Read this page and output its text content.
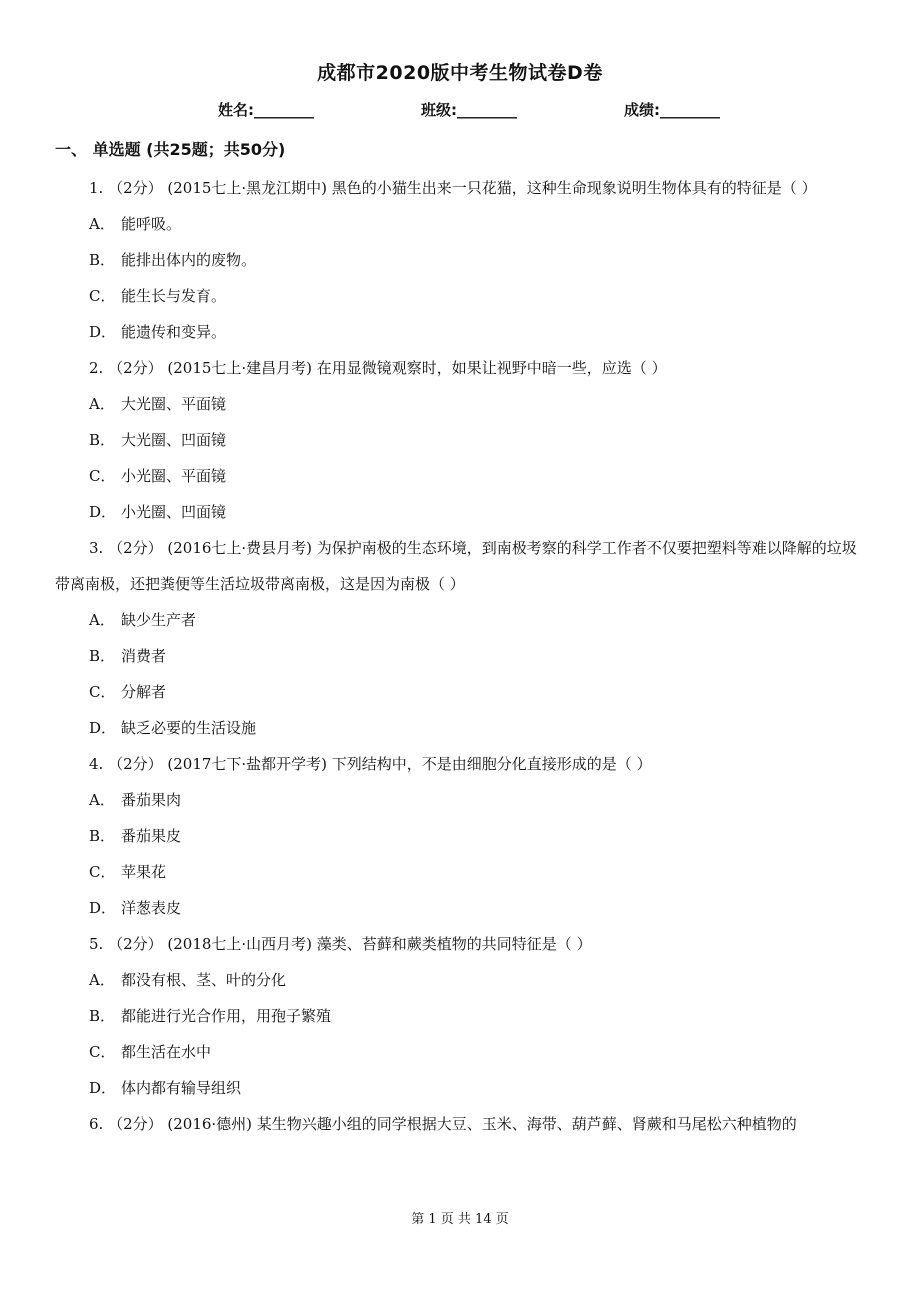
成都市2020版中考生物试卷D卷
姓名:________	班级:________	成绩:________
一、 单选题 (共25题；共50分)
1. （2分） (2015七上·黑龙江期中) 黑色的小猫生出来一只花猫，这种生命现象说明生物体具有的特征是（ ）
A． 能呼吸。
B． 能排出体内的废物。
C． 能生长与发育。
D． 能遗传和变异。
2. （2分） (2015七上·建昌月考) 在用显微镜观察时，如果让视野中暗一些，应选（ ）
A． 大光圈、平面镜
B． 大光圈、凹面镜
C． 小光圈、平面镜
D． 小光圈、凹面镜
3. （2分） (2016七上·费县月考) 为保护南极的生态环境，到南极考察的科学工作者不仅要把塑料等难以降解的垃圾带离南极，还把粪便等生活垃圾带离南极，这是因为南极（ ）
A． 缺少生产者
B． 消费者
C． 分解者
D． 缺乏必要的生活设施
4. （2分） (2017七下·盐都开学考) 下列结构中，不是由细胞分化直接形成的是（ ）
A． 番茄果肉
B． 番茄果皮
C． 苹果花
D． 洋葱表皮
5. （2分） (2018七上·山西月考) 藻类、苔藓和蕨类植物的共同特征是（ ）
A． 都没有根、茎、叶的分化
B． 都能进行光合作用，用孢子繁殖
C． 都生活在水中
D． 体内都有输导组织
6. （2分） (2016·德州) 某生物兴趣小组的同学根据大豆、玉米、海带、葫芦藓、肾蕨和马尾松六种植物的
第 1 页 共 14 页
